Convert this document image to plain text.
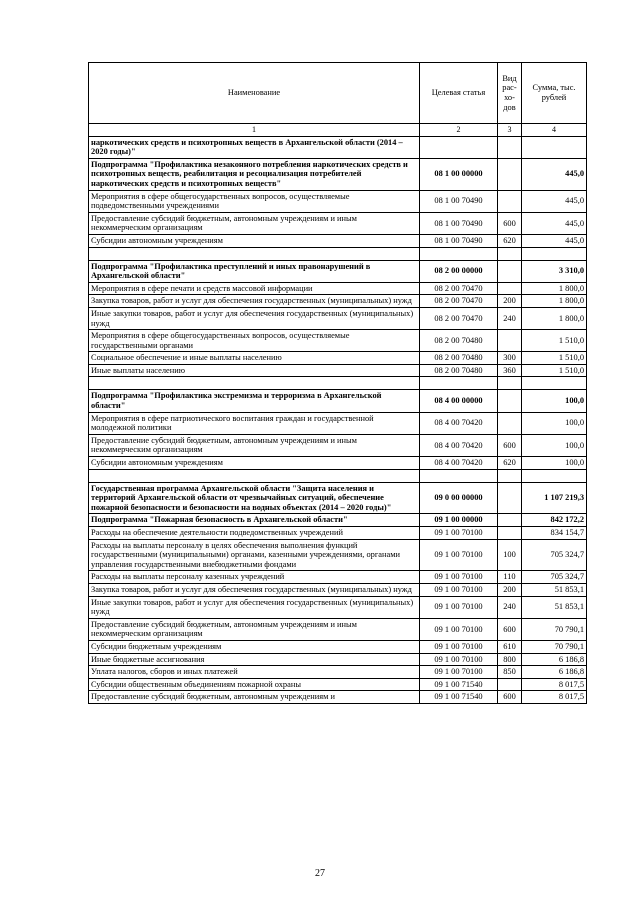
Наименование	Целевая статья	Вид рас-хо-дов	Сумма, тыс. рублей
1	2	3	4
наркотических средств и психотропных веществ в Архангельской области (2014 – 2020 годы)"			
Подпрограмма "Профилактика незаконного потребления наркотических средств и психотропных веществ, реабилитация и ресоциализация потребителей наркотических средств и психотропных веществ"	08 1 00 00000		445,0
Мероприятия в сфере общегосударственных вопросов, осуществляемые подведомственными учреждениями	08 1 00 70490		445,0
Предоставление субсидий бюджетным, автономным учреждениям и иным некоммерческим организациям	08 1 00 70490	600	445,0
Субсидии автономным учреждениям	08 1 00 70490	620	445,0

Подпрограмма "Профилактика преступлений и иных правонарушений в Архангельской области"	08 2 00 00000		3 310,0
Мероприятия в сфере печати и средств массовой информации	08 2 00 70470		1 800,0
Закупка товаров, работ и услуг для обеспечения государственных (муниципальных) нужд	08 2 00 70470	200	1 800,0
Иные закупки товаров, работ и услуг для обеспечения государственных (муниципальных) нужд	08 2 00 70470	240	1 800,0
Мероприятия в сфере общегосударственных вопросов, осуществляемые государственными органами	08 2 00 70480		1 510,0
Социальное обеспечение и иные выплаты населению	08 2 00 70480	300	1 510,0
Иные выплаты населению	08 2 00 70480	360	1 510,0

Подпрограмма "Профилактика экстремизма и терроризма в Архангельской области"	08 4 00 00000		100,0
Мероприятия в сфере патриотического воспитания граждан и государственной молодежной политики	08 4 00 70420		100,0
Предоставление субсидий бюджетным, автономным учреждениям и иным некоммерческим организациям	08 4 00 70420	600	100,0
Субсидии автономным учреждениям	08 4 00 70420	620	100,0

Государственная программа Архангельской области "Защита населения и территорий Архангельской области от чрезвычайных ситуаций, обеспечение пожарной безопасности и безопасности на водных объектах (2014 – 2020 годы)"	09 0 00 00000		1 107 219,3
Подпрограмма "Пожарная безопасность в Архангельской области"	09 1 00 00000		842 172,2
Расходы на обеспечение деятельности подведомственных учреждений	09 1 00 70100		834 154,7
Расходы на выплаты персоналу в целях обеспечения выполнения функций государственными (муниципальными) органами, казенными учреждениями, органами управления государственными внебюджетными фондами	09 1 00 70100	100	705 324,7
Расходы на выплаты персоналу казенных учреждений	09 1 00 70100	110	705 324,7
Закупка товаров, работ и услуг для обеспечения государственных (муниципальных) нужд	09 1 00 70100	200	51 853,1
Иные закупки товаров, работ и услуг для обеспечения государственных (муниципальных) нужд	09 1 00 70100	240	51 853,1
Предоставление субсидий бюджетным, автономным учреждениям и иным некоммерческим организациям	09 1 00 70100	600	70 790,1
Субсидии бюджетным учреждениям	09 1 00 70100	610	70 790,1
Иные бюджетные ассигнования	09 1 00 70100	800	6 186,8
Уплата налогов, сборов и иных платежей	09 1 00 70100	850	6 186,8
Субсидии общественным объединениям пожарной охраны	09 1 00 71540		8 017,5
Предоставление субсидий бюджетным, автономным учреждениям и	09 1 00 71540	600	8 017,5
27
